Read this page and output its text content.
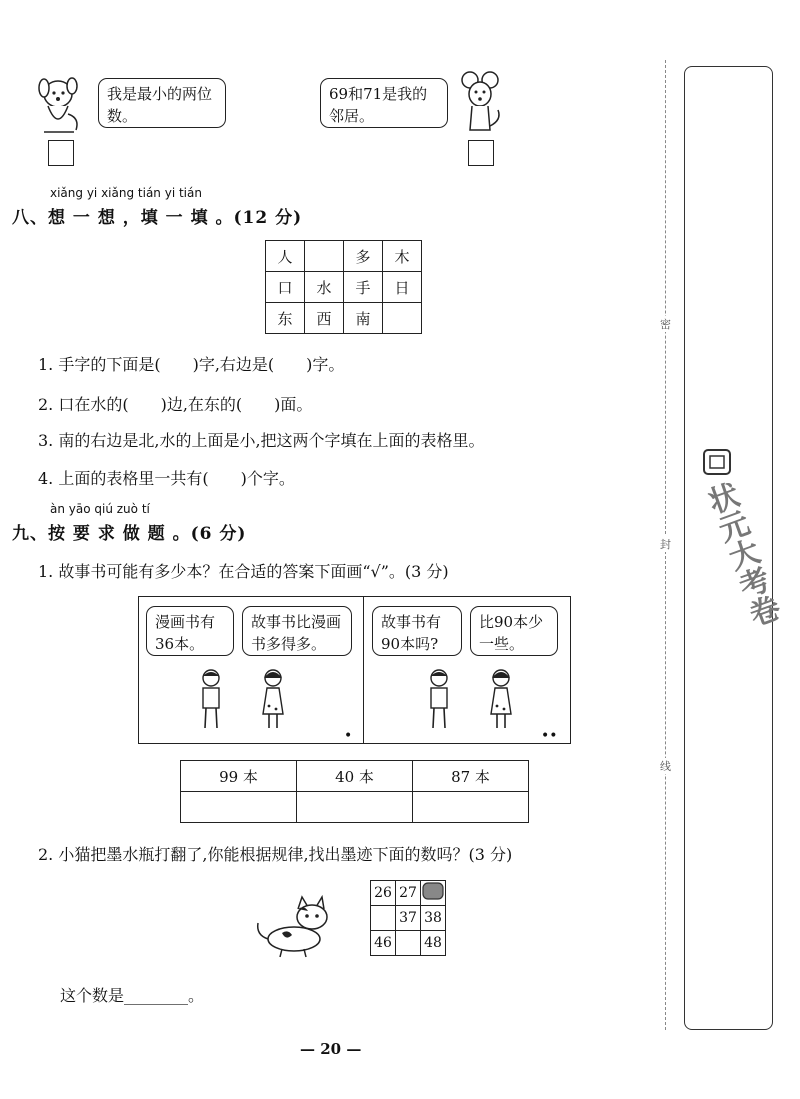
我是最小的两位数。
69和71是我的邻居。
xiǎng yi xiǎng tián yi tián
八、想 一 想 ，填 一 填 。(12 分)
人		多	木
口	水	手	日
东	西	南	
1. 手字的下面是(　　)字,右边是(　　)字。
2. 口在水的(　　)边,在东的(　　)面。
3. 南的右边是北,水的上面是小,把这两个字填在上面的表格里。
4. 上面的表格里一共有(　　)个字。
àn yāo qiú zuò tí
九、按 要 求 做 题 。(6 分)
1. 故事书可能有多少本？在合适的答案下面画“√”。(3 分)
漫画书有36本。
故事书比漫画书多得多。
故事书有90本吗?
比90本少一些。
•	••
99 本	40 本	87 本

2. 小猫把墨水瓶打翻了,你能根据规律,找出墨迹下面的数吗？(3 分)
26	27	
	37	38
46		48
这个数是________。
— 20 —
密
封
线
状元大考卷
